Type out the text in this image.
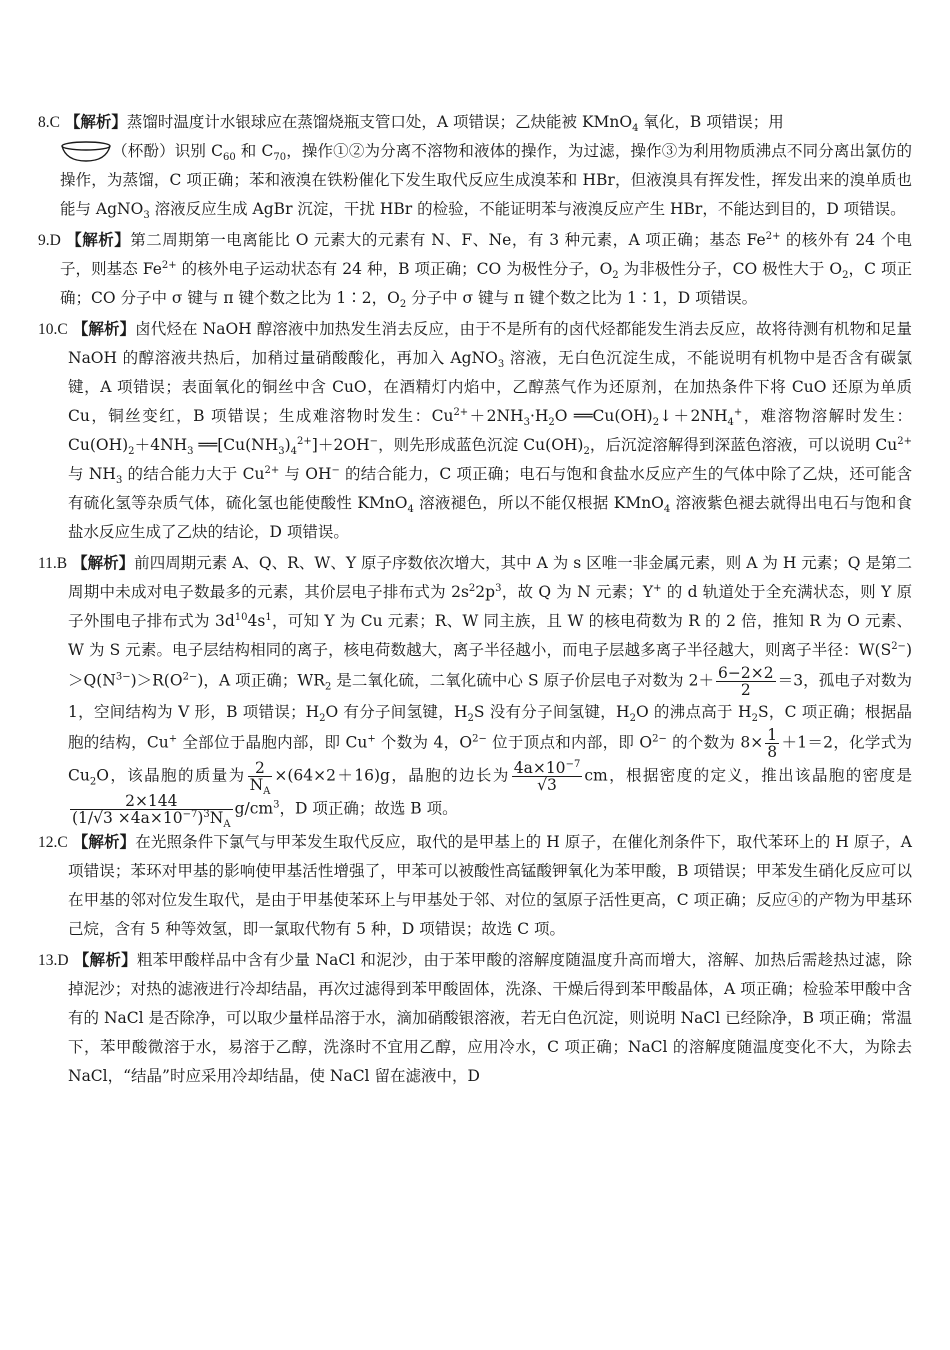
8.C 【解析】蒸馏时温度计水银球应在蒸馏烧瓶支管口处，A 项错误；乙炔能被 KMnO$_4$ 氧化，B 项错误；用
（杯酚）识别 $C_{60}$ 和 $C_{70}$，操作①②为分离不溶物和液体的操作，为过滤，操作③为利用物质沸点不同分离出氯仿的操作，为蒸馏，C 项正确；苯和液溴在铁粉催化下发生取代反应生成溴苯和 HBr，但液溴具有挥发性，挥发出来的溴单质也能与 AgNO$_3$ 溶液反应生成 AgBr 沉淀，干扰 HBr 的检验，不能证明苯与液溴反应产生 HBr，不能达到目的，D 项错误。

9.D 【解析】第二周期第一电离能比 O 元素大的元素有 N、F、Ne，有 3 种元素，A 项正确；基态 $Fe^{2+}$ 的核外有 24 个电子，则基态 $Fe^{2+}$ 的核外电子运动状态有 24 种，B 项正确；CO 为极性分子，$O_2$ 为非极性分子，CO 极性大于 $O_2$，C 项正确；CO 分子中 σ 键与 π 键个数之比为 1∶2，$O_2$ 分子中 σ 键与 π 键个数之比为 1∶1，D 项错误。

10.C 【解析】卤代烃在 NaOH 醇溶液中加热发生消去反应，由于不是所有的卤代烃都能发生消去反应，故将待测有机物和足量 NaOH 的醇溶液共热后，加稍过量硝酸酸化，再加入 AgNO$_3$ 溶液，无白色沉淀生成，不能说明有机物中是否含有碳氯键，A 项错误；表面氧化的铜丝中含 CuO，在酒精灯内焰中，乙醇蒸气作为还原剂，在加热条件下将 CuO 还原为单质 Cu，铜丝变红，B 项错误；生成难溶物时发生：$Cu^{2+}+2NH_3\cdot H_2O$ $══Cu(OH)_2↓+2NH_4^+$，难溶物溶解时发生：$Cu(OH)_2+4NH_3$ $══[Cu(NH_3)_4^{2+}]+2OH^-$，则先形成蓝色沉淀 $Cu(OH)_2$，后沉淀溶解得到深蓝色溶液，可以说明 $Cu^{2+}$ 与 $NH_3$ 的结合能力大于 $Cu^{2+}$ 与 OH− 的结合能力，C 项正确；电石与饱和食盐水反应产生的气体中除了乙炔，还可能含有硫化氢等杂质气体，硫化氢也能使酸性 KMnO$_4$ 溶液褪色，所以不能仅根据 KMnO$_4$ 溶液紫色褪去就得出电石与饱和食盐水反应生成了乙炔的结论，D 项错误。

11.B 【解析】前四周期元素 A、Q、R、W、Y 原子序数依次增大，其中 A 为 s 区唯一非金属元素，则 A 为 H 元素；Q 是第二周期中未成对电子数最多的元素，其价层电子排布式为 $2s^22p^3$，故 Q 为 N 元素；Y+ 的 d 轨道处于全充满状态，则 Y 原子外围电子排布式为 $3d^{10}4s^1$，可知 Y 为 Cu 元素；R、W 同主族，且 W 的核电荷数为 R 的 2 倍，推知 R 为 O 元素、W 为 S 元素。电子层结构相同的离子，核电荷数越大，离子半径越小，而电子层越多离子半径越大，则离子半径：$W(S^{2-})>Q(N^{3-})>R(O^{2-})$，A 项正确；$WR_2$ 是二氧化硫，二氧化硫中心 S 原子价层电子对数为 $2+ \frac{6-2\times 2}{2} =3$，孤电子对数为 1，空间结构为 V 形，B 项错误；$H_2O$ 有分子间氢键，$H_2S$ 没有分子间氢键，$H_2O$ 的沸点高于 $H_2S$，C 项正确；根据晶胞的结构，Cu+ 全部位于晶胞内部，即 Cu+ 个数为 4，$O^{2-}$ 位于顶点和内部，即 $O^{2-}$ 的个数为 $8\times \frac{1}{8} +1=2$，化学式为 $Cu_2O$，该晶胞的质量为 $\frac{2}{N_A} \times(64\times 2+16)g$，晶胞的边长为 $\frac{4a\times 10^{-7}}{√3}$ cm，根据密度的定义，推出该晶胞的密度是
$\frac{2\times 144}{(1/√3 \times 4a\times 10^{-7})^3N_A} g/cm^3$，D 项正确；故选 B 项。

12.C 【解析】在光照条件下氯气与甲苯发生取代反应，取代的是甲基上的 H 原子，在催化剂条件下，取代苯环上的 H 原子，A 项错误；苯环对甲基的影响使甲基活性增强了，甲苯可以被酸性高锰酸钾氧化为苯甲酸，B 项错误；甲苯发生硝化反应可以在甲基的邻对位发生取代，是由于甲基使苯环上与甲基处于邻、对位的氢原子活性更高，C 项正确；反应④的产物为甲基环己烷，含有 5 种等效氢，即一氯取代物有 5 种，D 项错误；故选 C 项。

13.D 【解析】粗苯甲酸样品中含有少量 NaCl 和泥沙，由于苯甲酸的溶解度随温度升高而增大，溶解、加热后需趁热过滤，除掉泥沙；对热的滤液进行冷却结晶，再次过滤得到苯甲酸固体，洗涤、干燥后得到苯甲酸晶体，A 项正确；检验苯甲酸中含有的 NaCl 是否除净，可以取少量样品溶于水，滴加硝酸银溶液，若无白色沉淀，则说明 NaCl 已经除净，B 项正确；常温下，苯甲酸微溶于水，易溶于乙醇，洗涤时不宜用乙醇，应用冷水，C 项正确；NaCl 的溶解度随温度变化不大，为除去 NaCl，“结晶”时应采用冷却结晶，使 NaCl 留在滤液中，D
